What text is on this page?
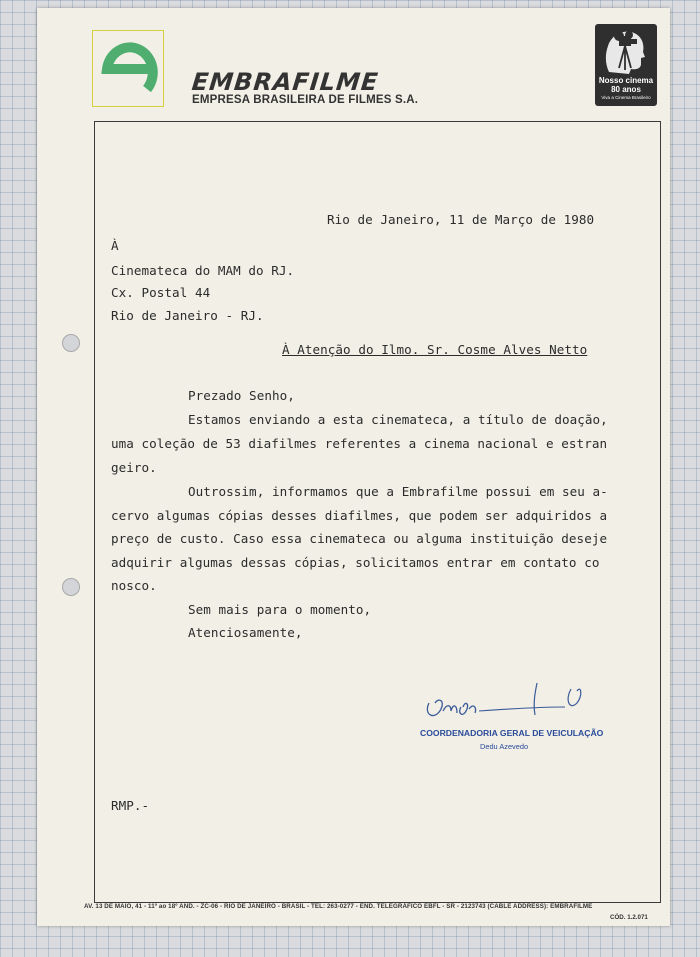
EMBRAFILME
EMPRESA BRASILEIRA DE FILMES S.A.
Nosso cinema
80 anos
Viva a Cinema Brasileiro
Rio de Janeiro, 11 de Março de 1980
À
Cinemateca do MAM do RJ.
Cx. Postal 44
Rio de Janeiro - RJ.
À Atenção do Ilmo. Sr. Cosme Alves Netto
Prezado Senho,
Estamos enviando a esta cinemateca, a título de doação,
uma coleção de 53 diafilmes referentes a cinema nacional e estran
geiro.
Outrossim, informamos que a Embrafilme possui em seu a-
cervo algumas cópias desses diafilmes, que podem ser adquiridos a
preço de custo. Caso essa cinemateca ou alguma instituição deseje
adquirir algumas dessas cópias, solicitamos entrar em contato co
nosco.
Sem mais para o momento,
Atenciosamente,
COORDENADORIA GERAL DE VEICULAÇÃO
Dedu Azevedo
RMP.-
AV. 13 DE MAIO, 41 - 11º ao 18º AND. - ZC-06 - RIO DE JANEIRO - BRASIL - TEL: 263-0277 - END. TELEGRÁFICO EBFL - SR - 2123743 (CABLE ADDRESS): EMBRAFILME
CÓD. 1.2.071
